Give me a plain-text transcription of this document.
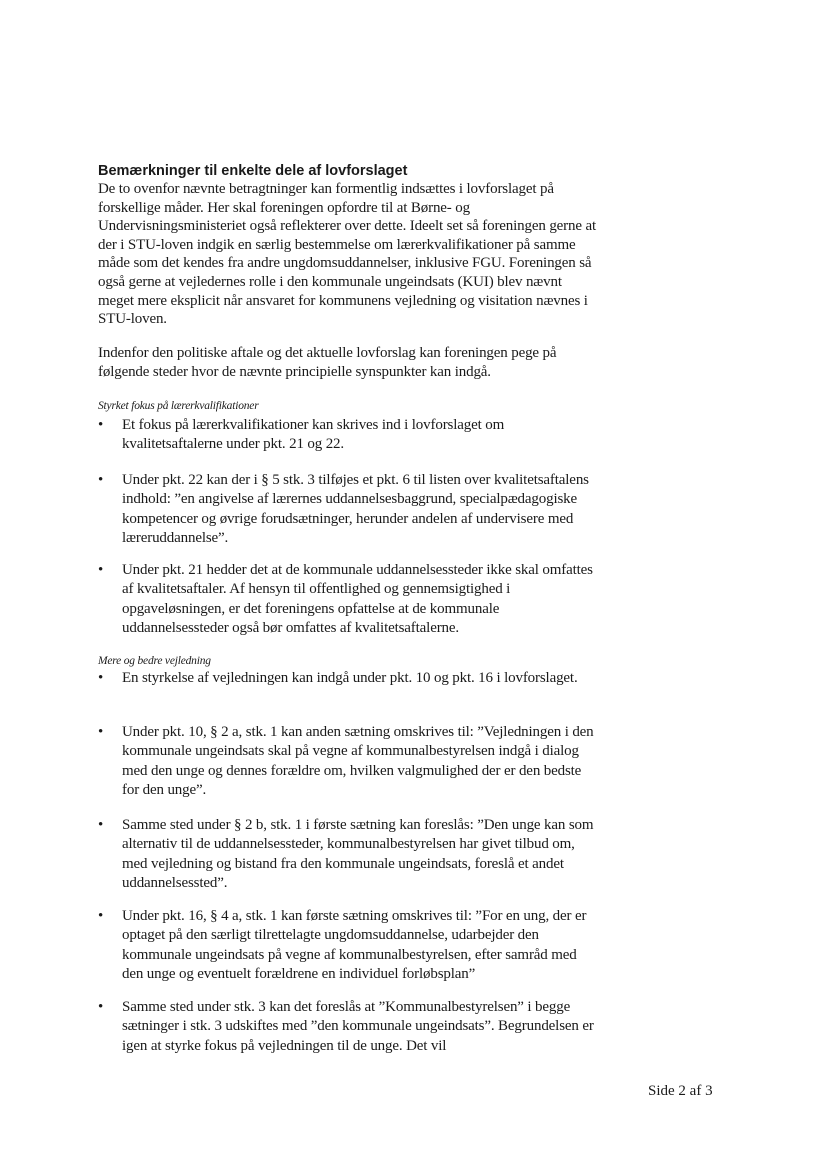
Bemærkninger til enkelte dele af lovforslaget
De to ovenfor nævnte betragtninger kan formentlig indsættes i lovforslaget på forskellige måder. Her skal foreningen opfordre til at Børne- og Undervisningsministeriet også reflekterer over dette. Ideelt set så foreningen gerne at der i STU-loven indgik en særlig bestemmelse om lærerkvalifikationer på samme måde som det kendes fra andre ungdomsuddannelser, inklusive FGU. Foreningen så også gerne at vejledernes rolle i den kommunale ungeindsats (KUI) blev nævnt meget mere eksplicit når ansvaret for kommunens vejledning og visitation nævnes i STU-loven.
Indenfor den politiske aftale og det aktuelle lovforslag kan foreningen pege på følgende steder hvor de nævnte principielle synspunkter kan indgå.
Styrket fokus på lærerkvalifikationer
•	Et fokus på lærerkvalifikationer kan skrives ind i lovforslaget om kvalitetsaftalerne under pkt. 21 og 22.
•	Under pkt. 22 kan der i § 5 stk. 3 tilføjes et pkt. 6 til listen over kvalitetsaftalens indhold: ”en angivelse af lærernes uddannelsesbaggrund, specialpædagogiske kompetencer og øvrige forudsætninger, herunder andelen af undervisere med læreruddannelse”.
•	Under pkt. 21 hedder det at de kommunale uddannelsessteder ikke skal omfattes af kvalitetsaftaler. Af hensyn til offentlighed og gennemsigtighed i opgaveløsningen, er det foreningens opfattelse at de kommunale uddannelsessteder også bør omfattes af kvalitetsaftalerne.
Mere og bedre vejledning
•	En styrkelse af vejledningen kan indgå under pkt. 10 og pkt. 16 i lovforslaget.
•	Under pkt. 10, § 2 a, stk. 1 kan anden sætning omskrives til: ”Vejledningen i den kommunale ungeindsats skal på vegne af kommunalbestyrelsen indgå i dialog med den unge og dennes forældre om, hvilken valgmulighed der er den bedste for den unge”.
•	Samme sted under § 2 b, stk. 1 i første sætning kan foreslås: ”Den unge kan som alternativ til de uddannelsessteder, kommunalbestyrelsen har givet tilbud om, med vejledning og bistand fra den kommunale ungeindsats, foreslå et andet uddannelsessted”.
•	Under pkt. 16, § 4 a, stk. 1 kan første sætning omskrives til: ”For en ung, der er optaget på den særligt tilrettelagte ungdomsuddannelse, udarbejder den kommunale ungeindsats på vegne af kommunalbestyrelsen, efter samråd med den unge og eventuelt forældrene en individuel forløbsplan”
•	Samme sted under stk. 3 kan det foreslås at ”Kommunalbestyrelsen” i begge sætninger i stk. 3 udskiftes med ”den kommunale ungeindsats”. Begrundelsen er igen at styrke fokus på vejledningen til de unge. Det vil
Side 2 af 3
